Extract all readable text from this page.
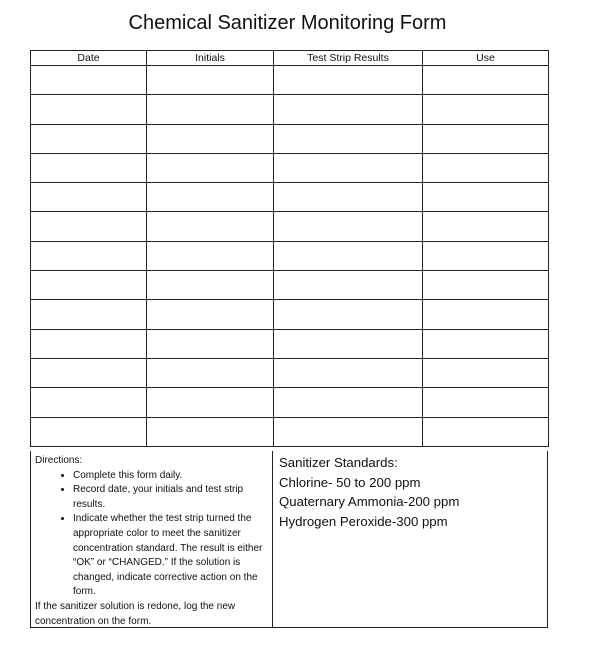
Chemical Sanitizer Monitoring Form
Date	Initials	Test Strip Results	Use

Directions:
• Complete this form daily.
• Record date, your initials and test strip results.
• Indicate whether the test strip turned the appropriate color to meet the sanitizer concentration standard. The result is either “OK” or “CHANGED.” If the solution is changed, indicate corrective action on the form.
If the sanitizer solution is redone, log the new concentration on the form.
Sanitizer Standards:
Chlorine- 50 to 200 ppm
Quaternary Ammonia-200 ppm
Hydrogen Peroxide-300 ppm
